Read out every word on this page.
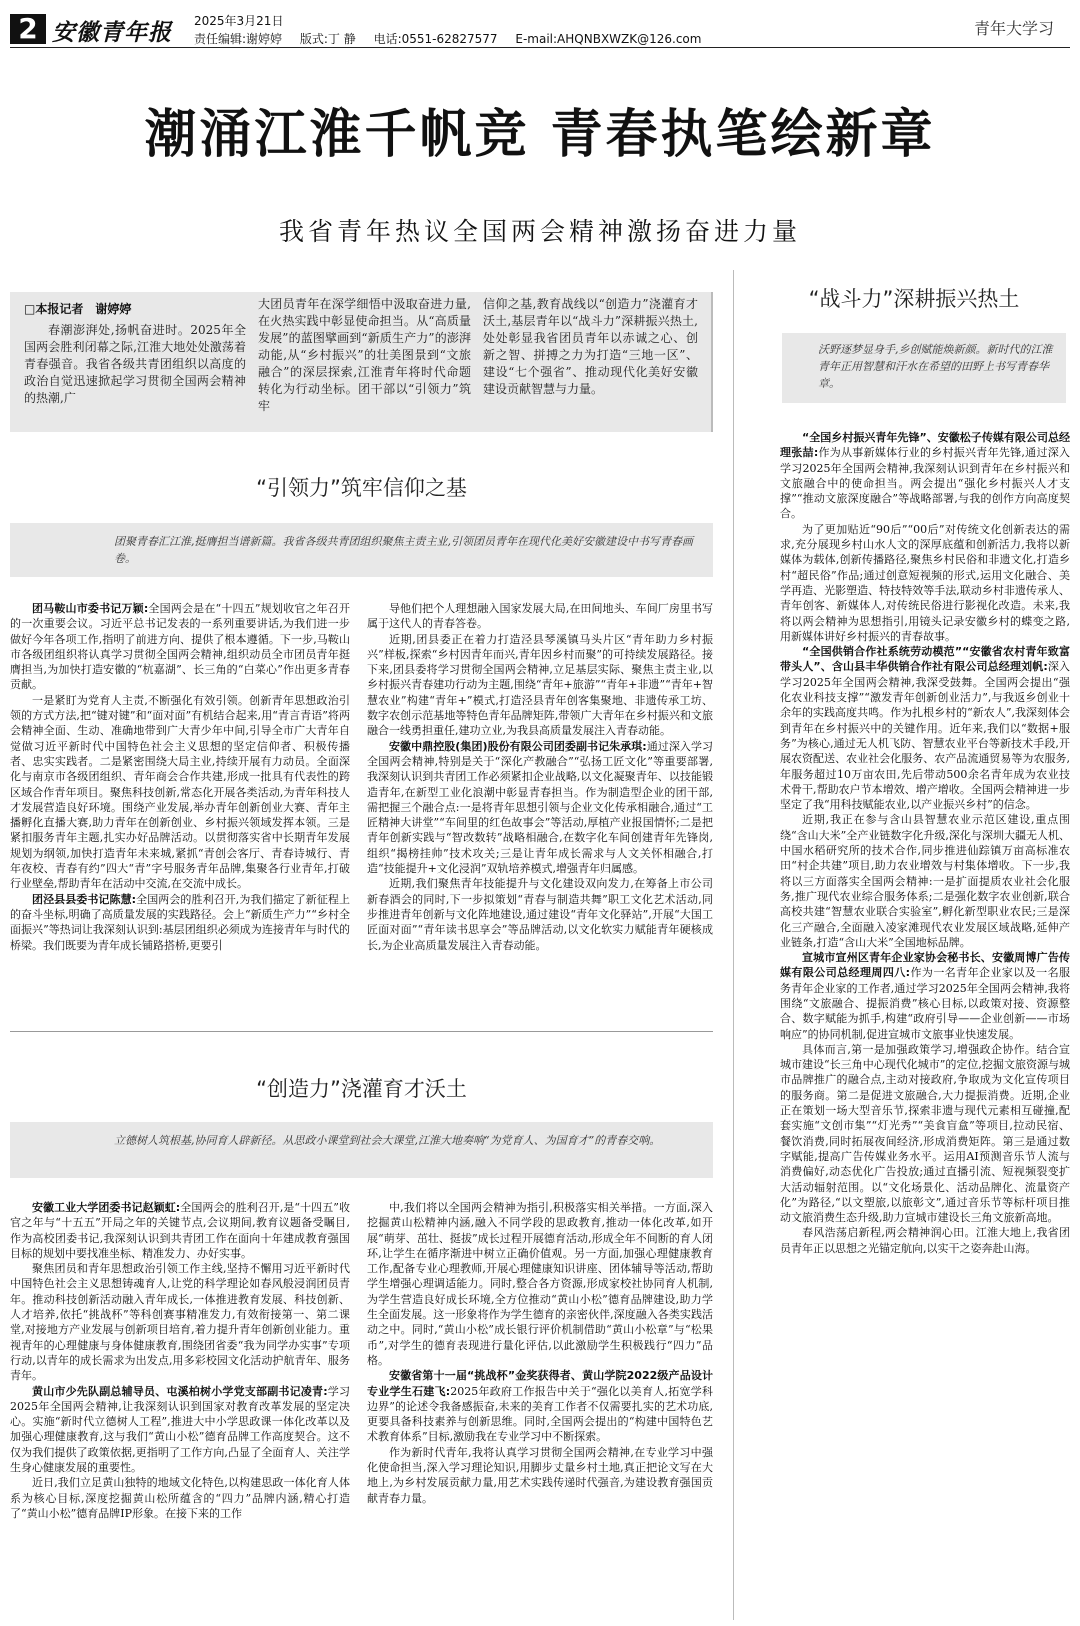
2 安徽青年报 2025年3月21日
责任编辑:谢婷婷 版式:丁 静 电话:0551-62827577 E-mail:AHQNBXWZK@126.com
青年大学习
潮涌江淮千帆竞 青春执笔绘新章
我省青年热议全国两会精神激扬奋进力量
□本报记者　谢婷婷
春潮澎湃处,扬帆奋进时。2025年全国两会胜利闭幕之际,江淮大地处处激荡着青春强音。我省各级共青团组织以高度的政治自觉迅速掀起学习贯彻全国两会精神的热潮,广
大团员青年在深学细悟中汲取奋进力量,在火热实践中彰显使命担当。从“高质量发展”的蓝图擘画到“新质生产力”的澎湃动能,从“乡村振兴”的壮美图景到“文旅融合”的深层探索,江淮青年将时代命题转化为行动坐标。团干部以“引领力”筑牢
信仰之基,教育战线以“创造力”浇灌育才沃土,基层青年以“战斗力”深耕振兴热土,处处彰显我省团员青年以赤诚之心、创新之智、拼搏之力为打造“三地一区”、建设“七个强省”、推动现代化美好安徽建设贡献智慧与力量。
“引领力”筑牢信仰之基
团聚青春汇江淮,挺膺担当谱新篇。我省各级共青团组织聚焦主责主业,引领团员青年在现代化美好安徽建设中书写青春画卷。

团马鞍山市委书记万颖:全国两会是在“十四五”规划收官之年召开的一次重要会议。习近平总书记发表的一系列重要讲话,为我们进一步做好今年各项工作,指明了前进方向、提供了根本遵循。下一步,马鞍山市各级团组织将认真学习贯彻全国两会精神,组织动员全市团员青年挺膺担当,为加快打造安徽的“杭嘉湖”、长三角的“白菜心”作出更多青春贡献。

一是紧盯为党育人主责,不断强化有效引领。创新青年思想政治引领的方式方法,把“键对键”和“面对面”有机结合起来,用“青言青语”将两会精神全面、生动、准确地带到广大青少年中间,引导全市广大青年自觉做习近平新时代中国特色社会主义思想的坚定信仰者、积极传播者、忠实实践者。二是紧密围绕大局主业,持续开展有力动员。全面深化与南京市各级团组织、青年商会合作共建,形成一批具有代表性的跨区域合作青年项目。聚焦科技创新,常态化开展各类活动,为青年科技人才发展营造良好环境。围绕产业发展,举办青年创新创业大赛、青年主播孵化直播大赛,助力青年在创新创业、乡村振兴领域发挥本领。三是紧扣服务青年主题,扎实办好品牌活动。以贯彻落实省中长期青年发展规划为纲领,加快打造青年未来城,紧抓“青创会客厅、青春诗城行、青年夜校、青春有约”四大“青”字号服务青年品牌,集聚各行业青年,打破行业壁垒,帮助青年在活动中交流,在交流中成长。

团泾县县委书记陈慧:全国两会的胜利召开,为我们描定了新征程上的奋斗坐标,明确了高质量发展的实践路径。会上“新质生产力”“乡村全面振兴”等热词让我深刻认识到:基层团组织必须成为连接青年与时代的桥梁。我们既要为青年成长铺路搭桥,更要引

导他们把个人理想融入国家发展大局,在田间地头、车间厂房里书写属于这代人的青春答卷。

近期,团县委正在着力打造泾县琴溪镇马头片区“青年助力乡村振兴”样板,探索“乡村因青年而兴,青年因乡村而聚”的可持续发展路径。接下来,团县委将学习贯彻全国两会精神,立足基层实际、聚焦主责主业,以乡村振兴青春建功行动为主题,围绕“青年+旅游”“青年+非遗”“青年+智慧农业”构建“青年+”模式,打造泾县青年创客集聚地、非遗传承工坊、数字农创示范基地等特色青年品牌矩阵,带领广大青年在乡村振兴和文旅融合一线勇担重任,建功立业,为我县高质量发展注入青春动能。

安徽中鼎控股(集团)股份有限公司团委副书记朱承琪:通过深入学习全国两会精神,特别是关于“深化产教融合”“弘扬工匠文化”等重要部署,我深刻认识到共青团工作必须紧扣企业战略,以文化凝聚青年、以技能锻造青年,在新型工业化浪潮中彰显青春担当。作为制造型企业的团干部,需把握三个融合点:一是将青年思想引领与企业文化传承相融合,通过“工匠精神大讲堂”“车间里的红色故事会”等活动,厚植产业报国情怀;二是把青年创新实践与“智改数转”战略相融合,在数字化车间创建青年先锋岗,组织“揭榜挂帅”技术攻关;三是让青年成长需求与人文关怀相融合,打造“技能提升+文化浸润”双轨培养模式,增强青年归属感。

近期,我们聚焦青年技能提升与文化建设双向发力,在筹备上市公司新春酒会的同时,下一步拟策划“青春与制造共舞”职工文化艺术活动,同步推进青年创新与文化阵地建设,通过建设“青年文化驿站”,开展“大国工匠面对面”“青年读书思享会”等品牌活动,以文化软实力赋能青年硬核成长,为企业高质量发展注入青春动能。

“创造力”浇灌育才沃土
立德树人筑根基,协同育人辟新径。从思政小课堂到社会大课堂,江淮大地奏响“为党育人、为国育才”的青春交响。

安徽工业大学团委书记赵颖虹:全国两会的胜利召开,是“十四五”收官之年与“十五五”开局之年的关键节点,会议期间,教育议题备受瞩目,作为高校团委书记,我深刻认识到共青团工作在面向十年建成教育强国目标的规划中要找准坐标、精准发力、办好实事。

聚焦团员和青年思想政治引领工作主线,坚持不懈用习近平新时代中国特色社会主义思想铸魂育人,让党的科学理论如春风般浸润团员青年。推动科技创新活动融入青年成长,一体推进教育发展、科技创新、人才培养,依托“挑战杯”等科创赛事精准发力,有效衔接第一、第二课堂,对接地方产业发展与创新项目培育,着力提升青年创新创业能力。重视青年的心理健康与身体健康教育,围绕团省委“我为同学办实事”专项行动,以青年的成长需求为出发点,用多彩校园文化活动护航青年、服务青年。

黄山市少先队副总辅导员、屯溪柏树小学党支部副书记凌青:学习2025年全国两会精神,让我深刻认识到国家对教育改革发展的坚定决心。实施“新时代立德树人工程”,推进大中小学思政课一体化改革以及加强心理健康教育,这与我们“黄山小松”德育品牌工作高度契合。这不仅为我们提供了政策依据,更指明了工作方向,凸显了全面育人、关注学生身心健康发展的重要性。

近日,我们立足黄山独特的地域文化特色,以构建思政一体化育人体系为核心目标,深度挖掘黄山松所蕴含的“四力”品牌内涵,精心打造了“黄山小松”德育品牌IP形象。在接下来的工作

中,我们将以全国两会精神为指引,积极落实相关举措。一方面,深入挖掘黄山松精神内涵,融入不同学段的思政教育,推动一体化改革,如开展“萌芽、茁壮、挺拔”成长过程开展德育活动,形成全年不间断的育人闭环,让学生在循序渐进中树立正确价值观。另一方面,加强心理健康教育工作,配备专业心理教师,开展心理健康知识讲座、团体辅导等活动,帮助学生增强心理调适能力。同时,整合各方资源,形成家校社协同育人机制,为学生营造良好成长环境,全方位推动“黄山小松”德育品牌建设,助力学生全面发展。这一形象将作为学生德育的亲密伙伴,深度融入各类实践活动之中。同时,“黄山小松”成长银行评价机制借助“黄山小松章”与“松果币”,对学生的德育表现进行量化评估,以此激励学生积极践行“四力”品格。

安徽省第十一届“挑战杯”金奖获得者、黄山学院2022级产品设计专业学生石建飞:2025年政府工作报告中关于“强化以美育人,拓宽学科边界”的论述令我备感振奋,未来的美育工作者不仅需要扎实的艺术功底,更要具备科技素养与创新思维。同时,全国两会提出的“构建中国特色艺术教育体系”目标,激励我在专业学习中不断探索。

作为新时代青年,我将认真学习贯彻全国两会精神,在专业学习中强化使命担当,深入学习理论知识,用脚步丈量乡村土地,真正把论文写在大地上,为乡村发展贡献力量,用艺术实践传递时代强音,为建设教育强国贡献青春力量。

“战斗力”深耕振兴热土
沃野逐梦显身手,乡创赋能焕新颜。新时代的江淮青年正用智慧和汗水在希望的田野上书写青春华章。

“全国乡村振兴青年先锋”、安徽松子传媒有限公司总经理张喆:作为从事新媒体行业的乡村振兴青年先锋,通过深入学习2025年全国两会精神,我深刻认识到青年在乡村振兴和文旅融合中的使命担当。两会提出“强化乡村振兴人才支撑”“推动文旅深度融合”等战略部署,与我的创作方向高度契合。

为了更加贴近“90后”“00后”对传统文化创新表达的需求,充分展现乡村山水人文的深厚底蕴和创新活力,我将以新媒体为载体,创新传播路径,聚焦乡村民俗和非遗文化,打造乡村“超民俗”作品;通过创意短视频的形式,运用文化融合、美学再造、光影塑造、特技特效等手法,联动乡村非遗传承人、青年创客、新媒体人,对传统民俗进行影视化改造。未来,我将以两会精神为思想指引,用镜头记录安徽乡村的蝶变之路,用新媒体讲好乡村振兴的青春故事。

“全国供销合作社系统劳动模范”“安徽省农村青年致富带头人”、含山县丰华供销合作社有限公司总经理刘帆:深入学习2025年全国两会精神,我深受鼓舞。全国两会提出“强化农业科技支撑”“激发青年创新创业活力”,与我返乡创业十余年的实践高度共鸣。作为扎根乡村的“新农人”,我深刻体会到青年在乡村振兴中的关键作用。近年来,我们以“数据+服务”为核心,通过无人机飞防、智慧农业平台等新技术手段,开展农资配送、农业社会化服务、农产品流通贸易等为农服务,年服务超过10万亩农田,先后带动500余名青年成为农业技术骨干,帮助农户节本增效、增产增收。全国两会精神进一步坚定了我“用科技赋能农业,以产业振兴乡村”的信念。

近期,我正在参与含山县智慧农业示范区建设,重点围绕“含山大米”全产业链数字化升级,深化与深圳大疆无人机、中国水稻研究所的技术合作,同步推进仙踪镇万亩高标准农田“村企共建”项目,助力农业增效与村集体增收。下一步,我将以三方面落实全国两会精神:一是扩面提质农业社会化服务,推广现代农业综合服务体系;二是强化数字农业创新,联合高校共建“智慧农业联合实验室”,孵化新型职业农民;三是深化三产融合,全面融入凌家滩现代农业发展区域战略,延伸产业链条,打造“含山大米”全国地标品牌。

宣城市宣州区青年企业家协会秘书长、安徽周博广告传媒有限公司总经理周四八:作为一名青年企业家以及一名服务青年企业家的工作者,通过学习2025年全国两会精神,我将围绕“文旅融合、提振消费”核心目标,以政策对接、资源整合、数字赋能为抓手,构建“政府引导——企业创新——市场响应”的协同机制,促进宣城市文旅事业快速发展。

具体而言,第一是加强政策学习,增强政企协作。结合宣城市建设“长三角中心现代化城市”的定位,挖掘文旅资源与城市品牌推广的融合点,主动对接政府,争取成为文化宣传项目的服务商。第二是促进文旅融合,大力提振消费。近期,企业正在策划一场大型音乐节,探索非遗与现代元素相互碰撞,配套实施“文创市集”“灯光秀”“美食盲盒”等项目,拉动民宿、餐饮消费,同时拓展夜间经济,形成消费矩阵。第三是通过数字赋能,提高广告传媒业务水平。运用AI预测音乐节人流与消费偏好,动态优化广告投放;通过直播引流、短视频裂变扩大活动辐射范围。以“文化场景化、活动品牌化、流量资产化”为路径,“以文塑旅,以旅彰文”,通过音乐节等标杆项目推动文旅消费生态升级,助力宣城市建设长三角文旅新高地。

春风浩荡启新程,两会精神润心田。江淮大地上,我省团员青年正以思想之光锚定航向,以实干之姿奔赴山海。
